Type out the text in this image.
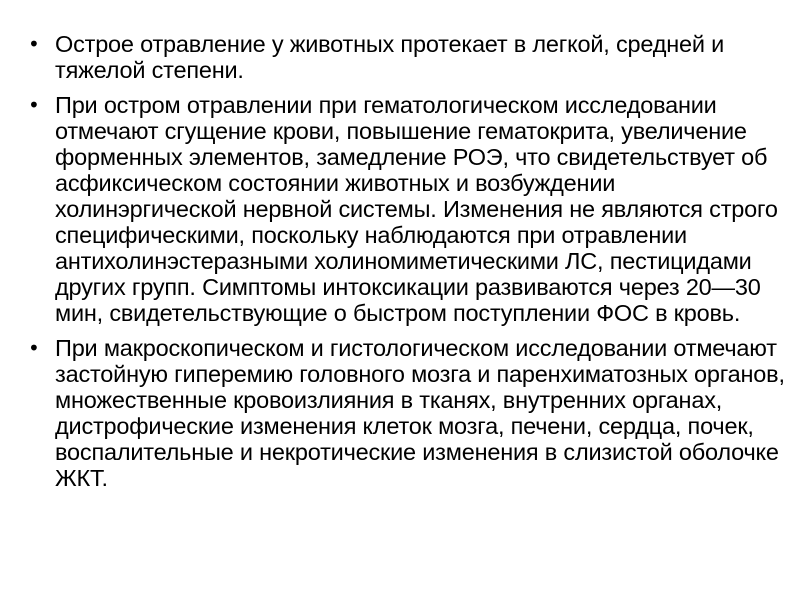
• Острое отравление у животных протекает в легкой, средней и тяжелой степени.
• При остром отравлении при гематологическом исследовании отмечают сгущение крови, повышение гематокрита, увеличение форменных элементов, замедление РОЭ, что свидетельствует об асфиксическом состоянии животных и возбуждении холинэргической нервной системы. Изменения не являются строго специфическими, поскольку наблюдаются при отравлении антихолинэстеразными холиномиметическими ЛС, пестицидами других групп. Симптомы интоксикации развиваются через 20—30 мин, свидетельствующие о быстром поступлении ФОС в кровь.
• При макроскопическом и гистологическом исследовании отмечают застойную гиперемию головного мозга и паренхиматозных органов, множественные кровоизлияния в тканях, внутренних органах, дистрофические изменения клеток мозга, печени, сердца, почек, воспалительные и некротические изменения в слизистой оболочке ЖКТ.
